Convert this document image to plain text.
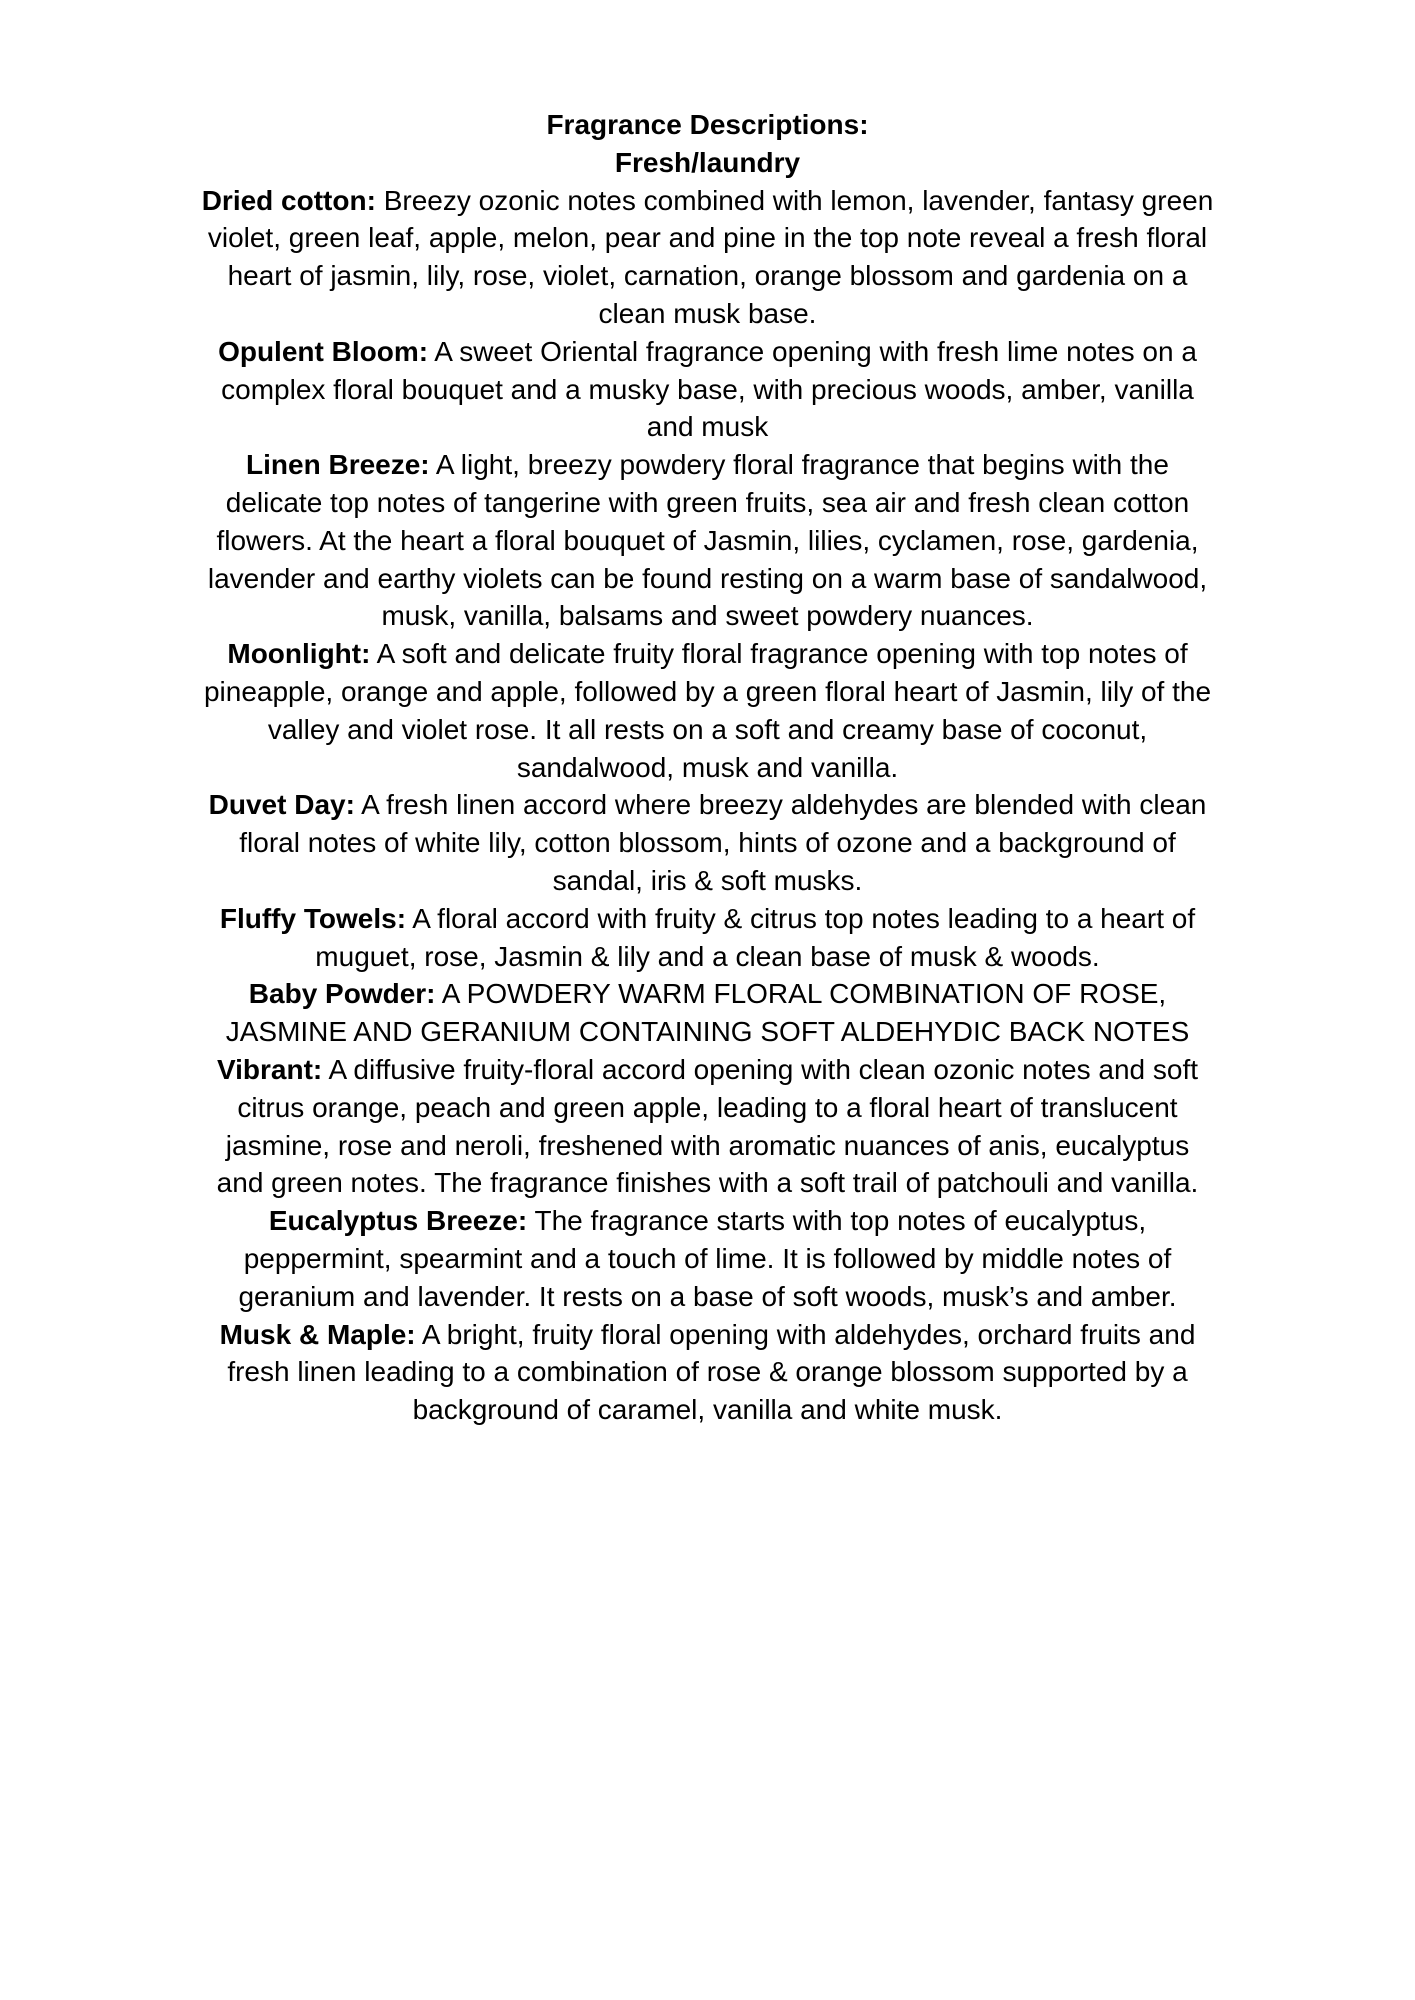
Fragrance Descriptions:

Fresh/laundry

Dried cotton: Breezy ozonic notes combined with lemon, lavender, fantasy green violet, green leaf, apple, melon, pear and pine in the top note reveal a fresh floral heart of jasmin, lily, rose, violet, carnation, orange blossom and gardenia on a clean musk base.

Opulent Bloom: A sweet Oriental fragrance opening with fresh lime notes on a complex floral bouquet and a musky base, with precious woods, amber, vanilla and musk

Linen Breeze: A light, breezy powdery floral fragrance that begins with the delicate top notes of tangerine with green fruits, sea air and fresh clean cotton flowers. At the heart a floral bouquet of Jasmin, lilies, cyclamen, rose, gardenia, lavender and earthy violets can be found resting on a warm base of sandalwood, musk, vanilla, balsams and sweet powdery nuances.

Moonlight: A soft and delicate fruity floral fragrance opening with top notes of pineapple, orange and apple, followed by a green floral heart of Jasmin, lily of the valley and violet rose. It all rests on a soft and creamy base of coconut, sandalwood, musk and vanilla.

Duvet Day: A fresh linen accord where breezy aldehydes are blended with clean floral notes of white lily, cotton blossom, hints of ozone and a background of sandal, iris & soft musks.

Fluffy Towels: A floral accord with fruity & citrus top notes leading to a heart of muguet, rose, Jasmin & lily and a clean base of musk & woods.

Baby Powder: A POWDERY WARM FLORAL COMBINATION OF ROSE, JASMINE AND GERANIUM CONTAINING SOFT ALDEHYDIC BACK NOTES

Vibrant: A diffusive fruity-floral accord opening with clean ozonic notes and soft citrus orange, peach and green apple, leading to a floral heart of translucent jasmine, rose and neroli, freshened with aromatic nuances of anis, eucalyptus and green notes. The fragrance finishes with a soft trail of patchouli and vanilla.

Eucalyptus Breeze: The fragrance starts with top notes of eucalyptus, peppermint, spearmint and a touch of lime. It is followed by middle notes of geranium and lavender. It rests on a base of soft woods, musk’s and amber.

Musk & Maple: A bright, fruity floral opening with aldehydes, orchard fruits and fresh linen leading to a combination of rose & orange blossom supported by a background of caramel, vanilla and white musk.
